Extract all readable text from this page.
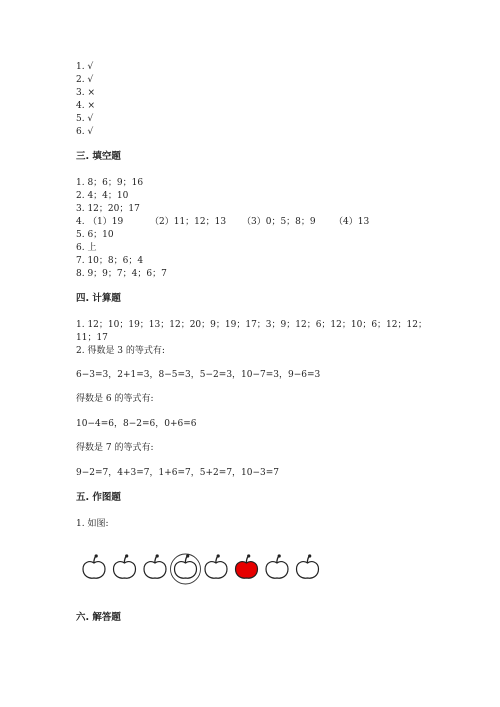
1. √
2. √
3. ×
4. ×
5. √
6. √
三. 填空题
1. 8；6；9；16
2. 4；4；10
3. 12；20；17
4. （1）19	（2）11；12；13 （3）0；5；8；9 （4）13
5. 6；10
6. 上
7. 10；8；6；4
8. 9；9；7；4；6；7
四. 计算题
1. 12；10；19；13；12；20；9；19；17；3；9；12；6；12；10；6；12；12；
11；17
2. 得数是 3 的等式有:
6−3=3，2+1=3，8−5=3，5−2=3，10−7=3，9−6=3
得数是 6 的等式有:
10−4=6，8−2=6，0+6=6
得数是 7 的等式有:
9−2=7，4+3=7，1+6=7，5+2=7，10−3=7
五. 作图题
1. 如图:
六. 解答题
